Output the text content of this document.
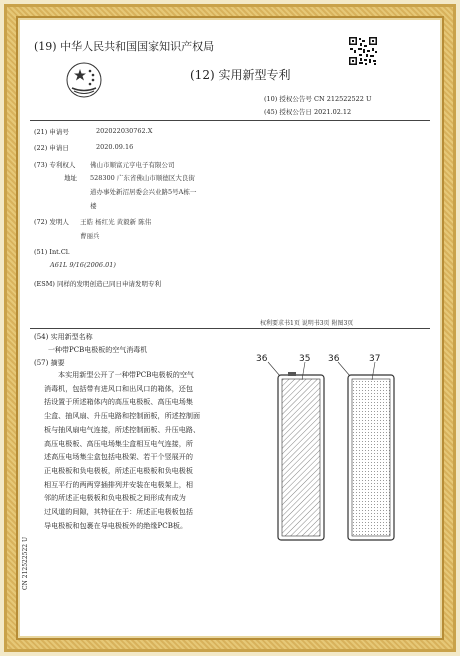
(19) 中华人民共和国国家知识产权局
(12) 实用新型专利
(10) 授权公告号 CN 212522522 U
(45) 授权公告日 2021.02.12
(21) 申请号	202022030762.X
(22) 申请日	2020.09.16
(73) 专利权人 佛山市顺富元亨电子有限公司
地址 528300 广东省佛山市顺德区大良街
道办事处新沼居委会兴业路5号A栋一
楼
(72) 发明人 王皓 杨红光 黄毅新 陈伟
曹丽兵
(51) Int.Cl.
A61L 9/16(2006.01)
(ESM) 同样的发明创造已同日申请发明专利
权利要求书1页 说明书3页 附图3页
(54) 实用新型名称
一种带PCB电极板的空气消毒机
(57) 摘要

本实用新型公开了一种带PCB电极板的空气

消毒机，包括带有进风口和出风口的箱体，还包

括设置于所述箱体内的高压电极板、高压电场集

尘盒、抽风扇、升压电路和控制面板，所述控制面

板与抽风扇电气连接，所述控制面板、升压电路、

高压电极板、高压电场集尘盒相互电气连接，所

述高压电场集尘盒包括电极架、若干个竖展开的

正电极板和负电极板，所述正电极板和负电极板

相互平行的两两穿插排列并安装在电极架上，相

邻的所述正电极板和负电极板之间形成有成为

过风道的间隙，其特征在于：所述正电极板包括

导电极板和包裹在导电极板外的绝缘PCB板。

36	35 36	37
CN 212522522 U
